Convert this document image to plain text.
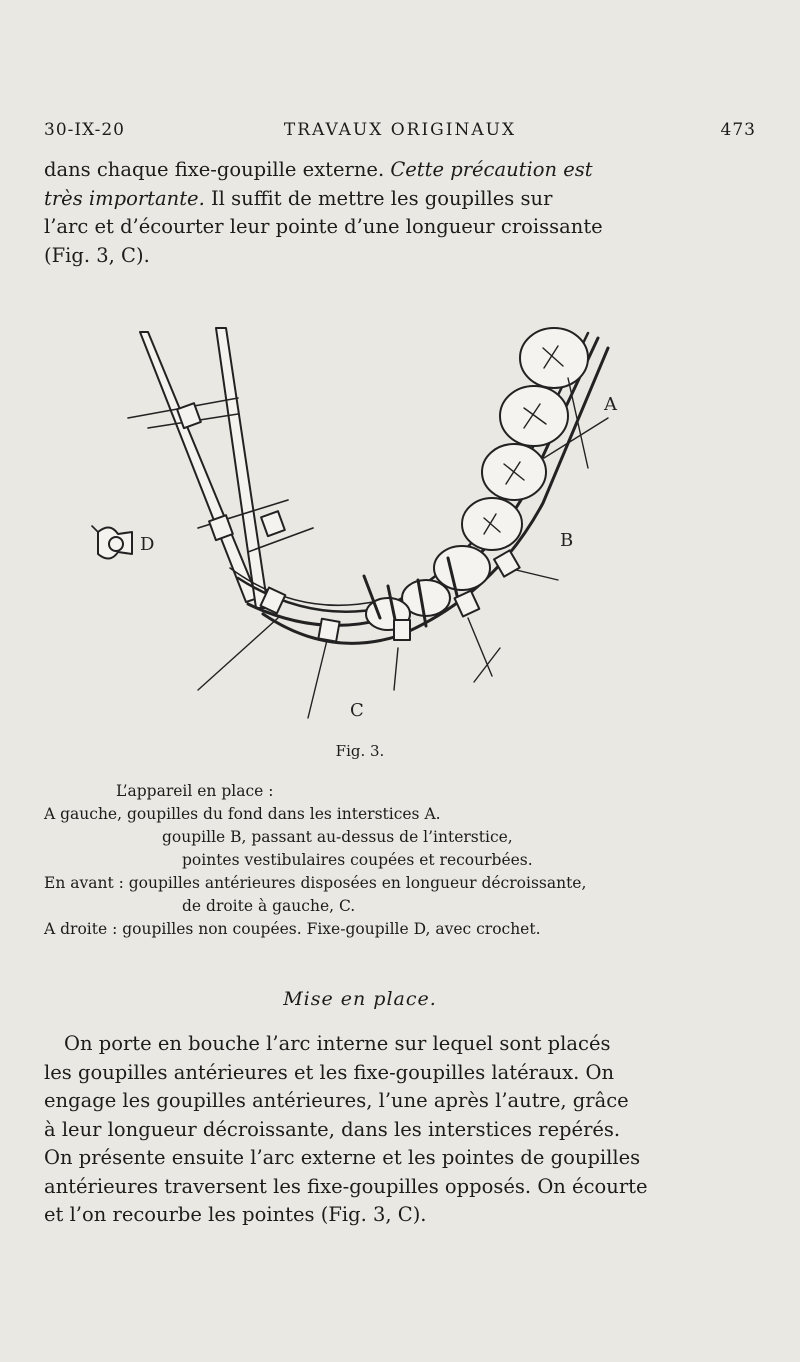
30-IX-20	TRAVAUX ORIGINAUX	473
dans chaque fixe-goupille externe. Cette précaution est
très importante. Il suffit de mettre les goupilles sur
l’arc et d’écourter leur pointe d’une longueur croissante
(Fig. 3, C).
A
B
C
D
Fig. 3.
L’appareil en place :
A gauche, goupilles du fond dans les interstices A.
goupille B, passant au-dessus de l’interstice,
pointes vestibulaires coupées et recourbées.
En avant : goupilles antérieures disposées en longueur décroissante,
de droite à gauche, C.
A droite : goupilles non coupées. Fixe-goupille D, avec crochet.
Mise en place.
On porte en bouche l’arc interne sur lequel sont placés
les goupilles antérieures et les fixe-goupilles latéraux. On
engage les goupilles antérieures, l’une après l’autre, grâce
à leur longueur décroissante, dans les interstices repérés.
On présente ensuite l’arc externe et les pointes de goupilles
antérieures traversent les fixe-goupilles opposés. On écourte
et l’on recourbe les pointes (Fig. 3, C).
